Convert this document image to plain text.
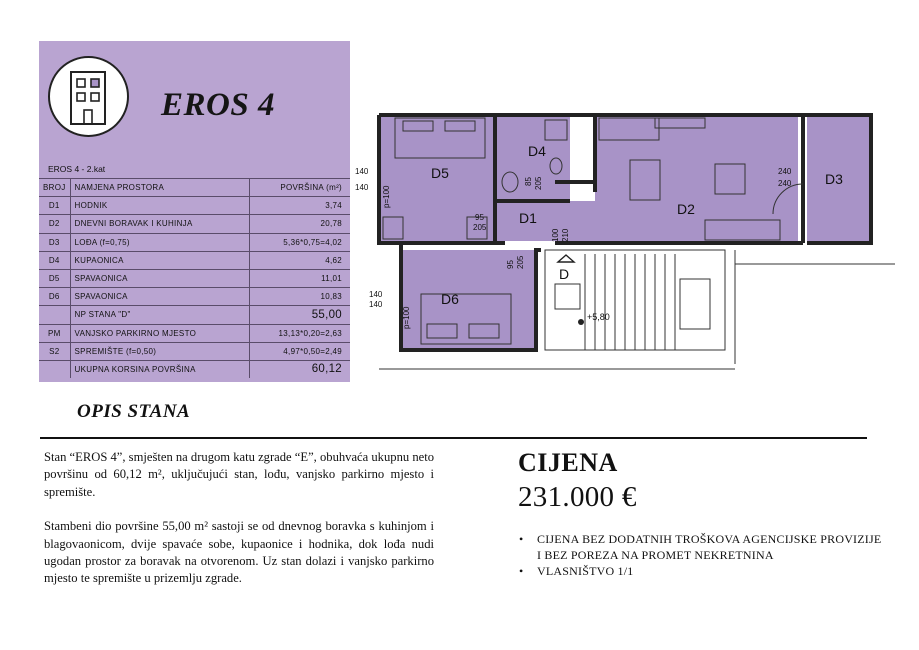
EROS 4
EROS 4 - 2.kat
BROJ	NAMJENA PROSTORA	POVRŠINA (m²)
D1	HODNIK	3,74
D2	DNEVNI BORAVAK I KUHINJA	20,78
D3	LOĐA (f=0,75)	5,36*0,75=4,02
D4	KUPAONICA	4,62
D5	SPAVAONICA	11,01
D6	SPAVAONICA	10,83
	NP STANA "D"	55,00
PM	VANJSKO PARKIRNO MJESTO	13,13*0,20=2,63
S2	SPREMIŠTE (f=0,50)	4,97*0,50=2,49
	UKUPNA KORSINA POVRŠINA	60,12
D5
D4
D1
D2
D3
D6
D
140
140
140
140
95
205
85 205
95 205
100 210
240
240
p=100
p=100	+5,80
OPIS STANA

Stan “EROS 4”, smješten na drugom katu zgrade “E”, obuhvaća ukupnu neto površinu od 60,12 m², uključujući stan, lođu, vanjsko parkirno mjesto i spremište.

Stambeni dio površine 55,00 m² sastoji se od dnevnog boravka s kuhinjom i blagovaonicom, dvije spavaće sobe, kupaonice i hodnika, dok lođa nudi ugodan prostor za boravak na otvorenom. Uz stan dolazi i vanjsko parkirno mjesto te spremište u prizemlju zgrade.

CIJENA
231.000 €
• CIJENA BEZ DODATNIH TROŠKOVA AGENCIJSKE PROVIZIJE I BEZ POREZA NA PROMET NEKRETNINA
• VLASNIŠTVO 1/1
